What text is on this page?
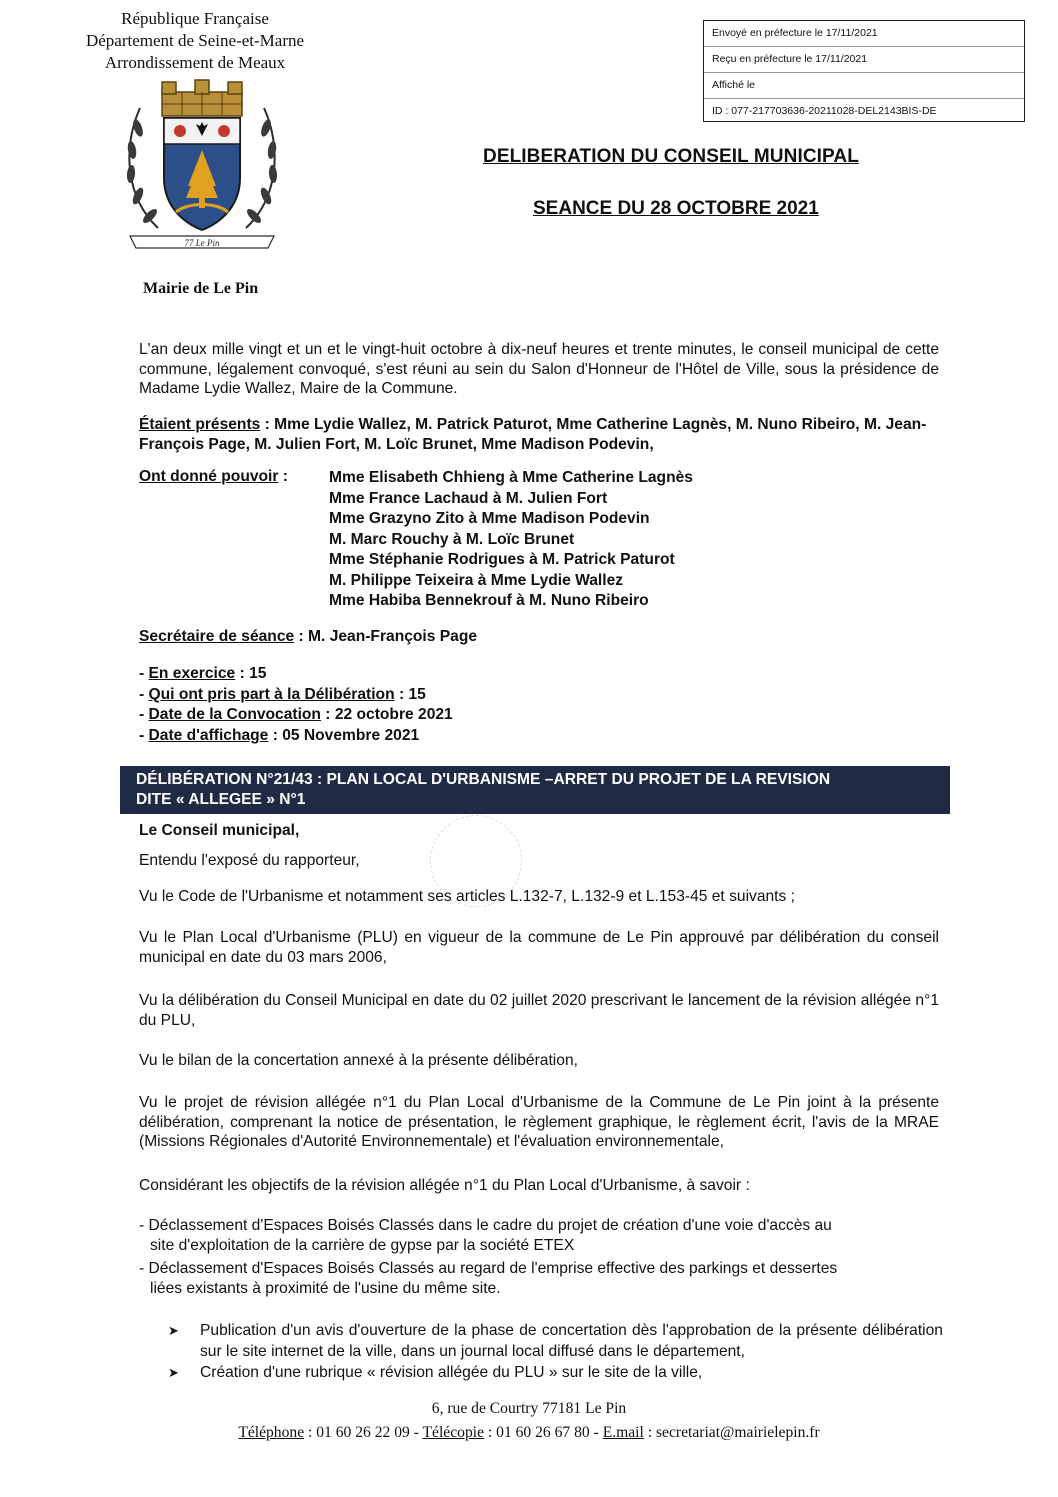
République Française
Département de Seine-et-Marne
Arrondissement de Meaux
77 Le Pin
Mairie de Le Pin
Envoyé en préfecture le 17/11/2021
Reçu en préfecture le 17/11/2021
Affiché le
ID : 077-217703636-20211028-DEL2143BIS-DE
DELIBERATION DU CONSEIL MUNICIPAL
SEANCE DU 28 OCTOBRE 2021
L'an deux mille vingt et un et le vingt-huit octobre à dix-neuf heures et trente minutes, le conseil municipal de cette commune, légalement convoqué, s'est réuni au sein du Salon d'Honneur de l'Hôtel de Ville, sous la présidence de Madame Lydie Wallez, Maire de la Commune.
Étaient présents : Mme Lydie Wallez, M. Patrick Paturot, Mme Catherine Lagnès, M. Nuno Ribeiro, M. Jean-François Page, M. Julien Fort, M. Loïc Brunet, Mme Madison Podevin,
Ont donné pouvoir :	Mme Elisabeth Chhieng à Mme Catherine Lagnès
Mme France Lachaud à M. Julien Fort
Mme Grazyno Zito à Mme Madison Podevin
M. Marc Rouchy à M. Loïc Brunet
Mme Stéphanie Rodrigues à M. Patrick Paturot
M. Philippe Teixeira à Mme Lydie Wallez
Mme Habiba Bennekrouf à M. Nuno Ribeiro
Secrétaire de séance : M. Jean-François Page
- En exercice : 15
- Qui ont pris part à la Délibération : 15
- Date de la Convocation : 22 octobre 2021
- Date d'affichage : 05 Novembre 2021
DÉLIBÉRATION N°21/43 : PLAN LOCAL D'URBANISME –ARRET DU PROJET DE LA REVISION
DITE « ALLEGEE » N°1
Le Conseil municipal,
Entendu l'exposé du rapporteur,
Vu le Code de l'Urbanisme et notamment ses articles L.132-7, L.132-9 et L.153-45 et suivants ;
Vu le Plan Local d'Urbanisme (PLU) en vigueur de la commune de Le Pin approuvé par délibération du conseil municipal en date du 03 mars 2006,
Vu la délibération du Conseil Municipal en date du 02 juillet 2020 prescrivant le lancement de la révision allégée n°1 du PLU,
Vu le bilan de la concertation annexé à la présente délibération,
Vu le projet de révision allégée n°1 du Plan Local d'Urbanisme de la Commune de Le Pin joint à la présente délibération, comprenant la notice de présentation, le règlement graphique, le règlement écrit, l'avis de la MRAE (Missions Régionales d'Autorité Environnementale) et l'évaluation environnementale,
Considérant les objectifs de la révision allégée n°1 du Plan Local d'Urbanisme, à savoir :
- Déclassement d'Espaces Boisés Classés dans le cadre du projet de création d'une voie d'accès au
site d'exploitation de la carrière de gypse par la société ETEX
- Déclassement d'Espaces Boisés Classés au regard de l'emprise effective des parkings et dessertes
liées existants à proximité de l'usine du même site.
➤ Publication d'un avis d'ouverture de la phase de concertation dès l'approbation de la présente délibération sur le site internet de la ville, dans un journal local diffusé dans le département,
➤ Création d'une rubrique « révision allégée du PLU » sur le site de la ville,
6, rue de Courtry 77181 Le Pin
Téléphone : 01 60 26 22 09 - Télécopie : 01 60 26 67 80 - E.mail : secretariat@mairielepin.fr
